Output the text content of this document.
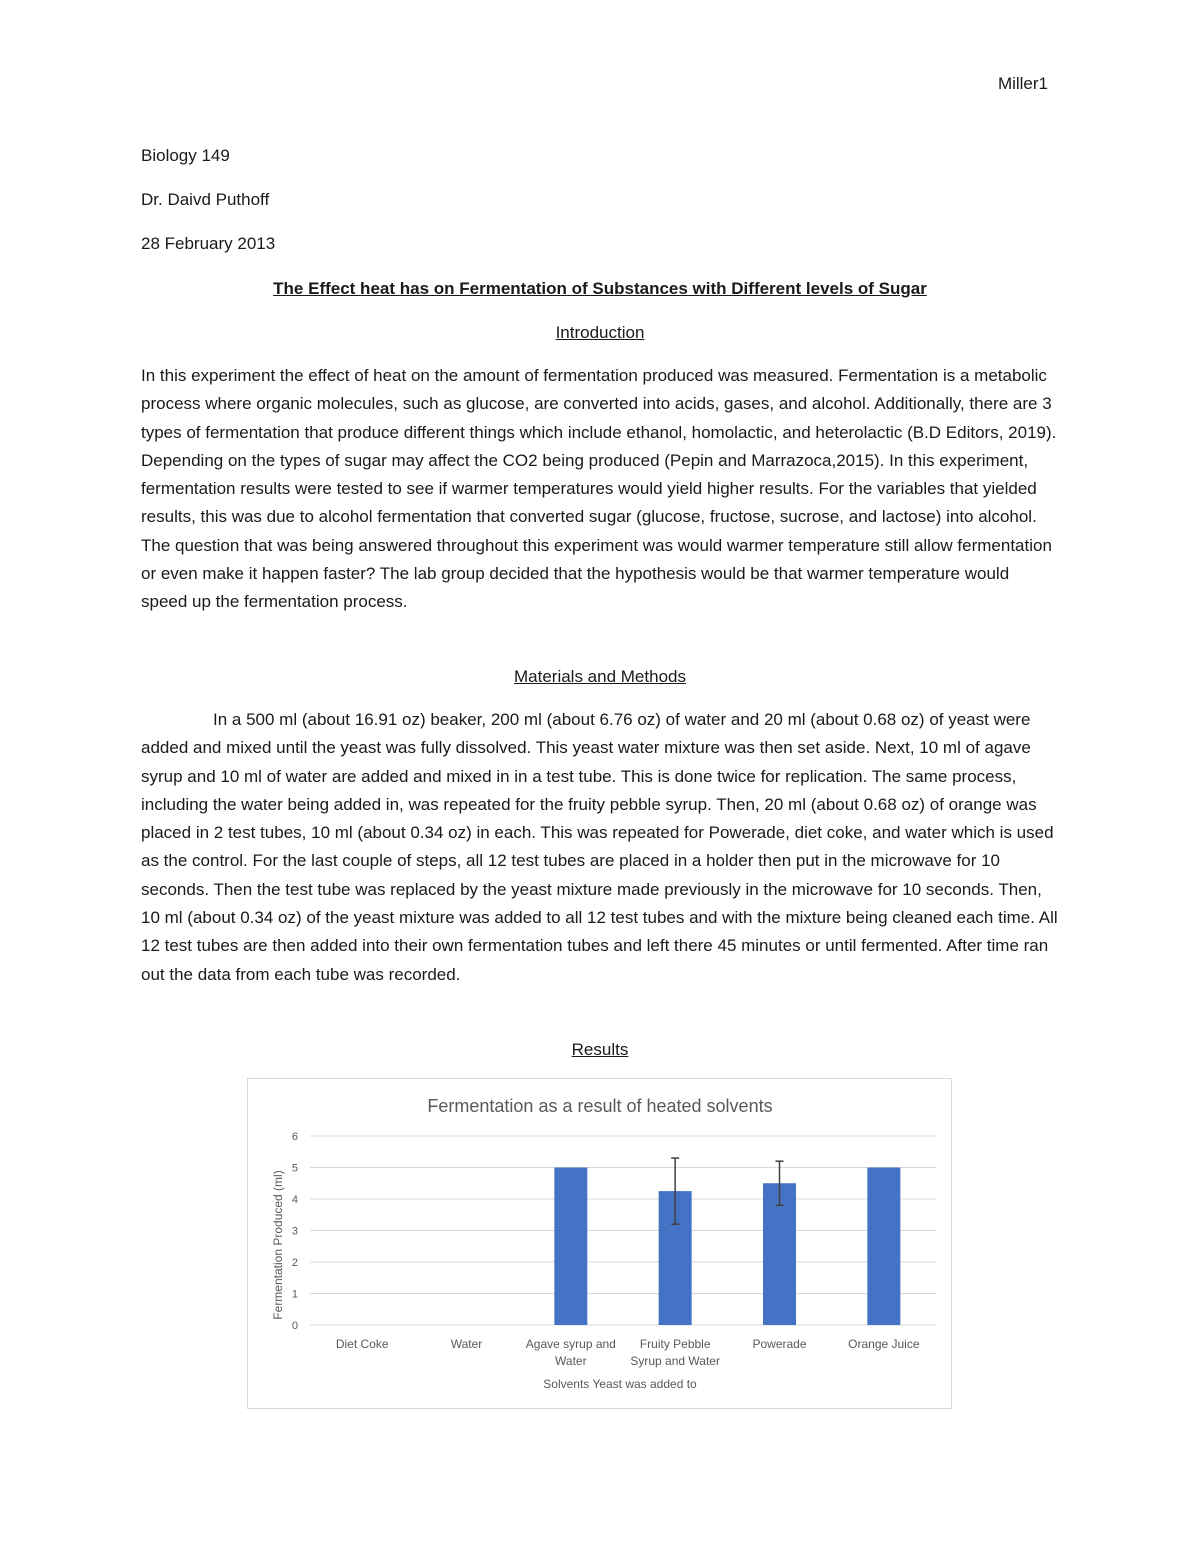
Miller1
Biology 149
Dr. Daivd Puthoff
28 February 2013
The Effect heat has on Fermentation of Substances with Different levels of Sugar
Introduction

In this experiment the effect of heat on the amount of fermentation produced was measured. Fermentation is a metabolic process where organic molecules, such as glucose, are converted into acids, gases, and alcohol. Additionally, there are 3 types of fermentation that produce different things which include ethanol, homolactic, and heterolactic (B.D Editors, 2019). Depending on the types of sugar may affect the CO2 being produced (Pepin and Marrazoca,2015). In this experiment, fermentation results were tested to see if warmer temperatures would yield higher results. For the variables that yielded results, this was due to alcohol fermentation that converted sugar (glucose, fructose, sucrose, and lactose) into alcohol. The question that was being answered throughout this experiment was would warmer temperature still allow fermentation or even make it happen faster? The lab group decided that the hypothesis would be that warmer temperature would speed up the fermentation process.

Materials and Methods

In a 500 ml (about 16.91 oz) beaker, 200 ml (about 6.76 oz) of water and 20 ml (about 0.68 oz) of yeast were added and mixed until the yeast was fully dissolved. This yeast water mixture was then set aside. Next, 10 ml of agave syrup and 10 ml of water are added and mixed in in a test tube. This is done twice for replication. The same process, including the water being added in, was repeated for the fruity pebble syrup. Then, 20 ml (about 0.68 oz) of orange was placed in 2 test tubes, 10 ml (about 0.34 oz) in each. This was repeated for Powerade, diet coke, and water which is used as the control. For the last couple of steps, all 12 test tubes are placed in a holder then put in the microwave for 10 seconds. Then the test tube was replaced by the yeast mixture made previously in the microwave for 10 seconds. Then, 10 ml (about 0.34 oz) of the yeast mixture was added to all 12 test tubes and with the mixture being cleaned each time. All 12 test tubes are then added into their own fermentation tubes and left there 45 minutes or until fermented. After time ran out the data from each tube was recorded.

Results
Fermentation as a result of heated solvents
Fermentation Produced (ml)
Solvents Yeast was added to
0
1
2
3
4
5
6
Diet Coke	Water	Agave syrup and Water
Fruity Pebble Syrup and Water
Powerade	Orange Juice
